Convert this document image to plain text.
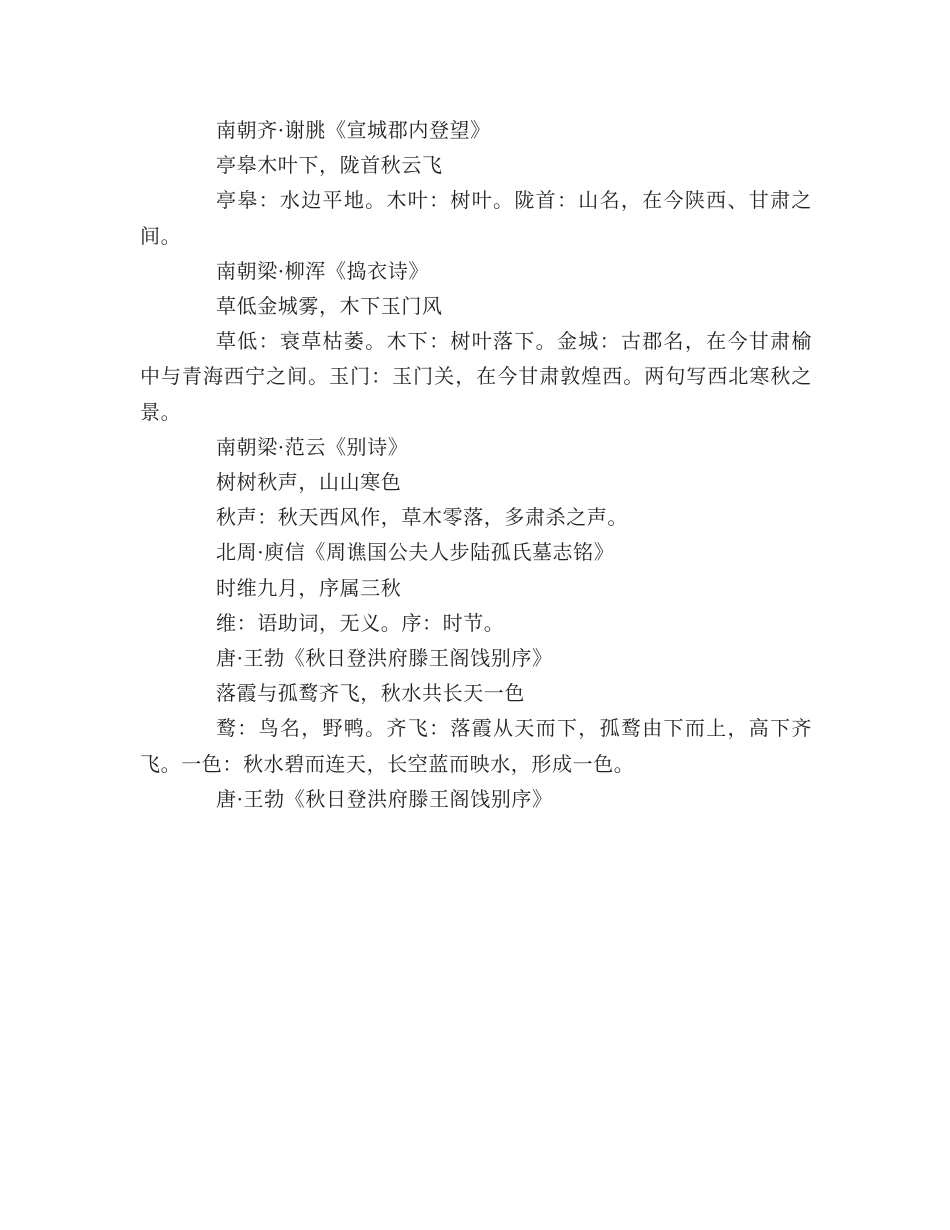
南朝齐·谢朓《宣城郡内登望》

亭皋木叶下，陇首秋云飞

亭皋：水边平地。木叶：树叶。陇首：山名，在今陕西、甘肃之间。

南朝梁·柳浑《捣衣诗》

草低金城雾，木下玉门风

草低：衰草枯萎。木下：树叶落下。金城：古郡名，在今甘肃榆中与青海西宁之间。玉门：玉门关，在今甘肃敦煌西。两句写西北寒秋之景。

南朝梁·范云《别诗》

树树秋声，山山寒色

秋声：秋天西风作，草木零落，多肃杀之声。

北周·庾信《周谯国公夫人步陆孤氏墓志铭》

时维九月，序属三秋

维：语助词，无义。序：时节。

唐·王勃《秋日登洪府滕王阁饯别序》

落霞与孤鹜齐飞，秋水共长天一色

鹜：鸟名，野鸭。齐飞：落霞从天而下，孤鹜由下而上，高下齐飞。一色：秋水碧而连天，长空蓝而映水，形成一色。

唐·王勃《秋日登洪府滕王阁饯别序》
